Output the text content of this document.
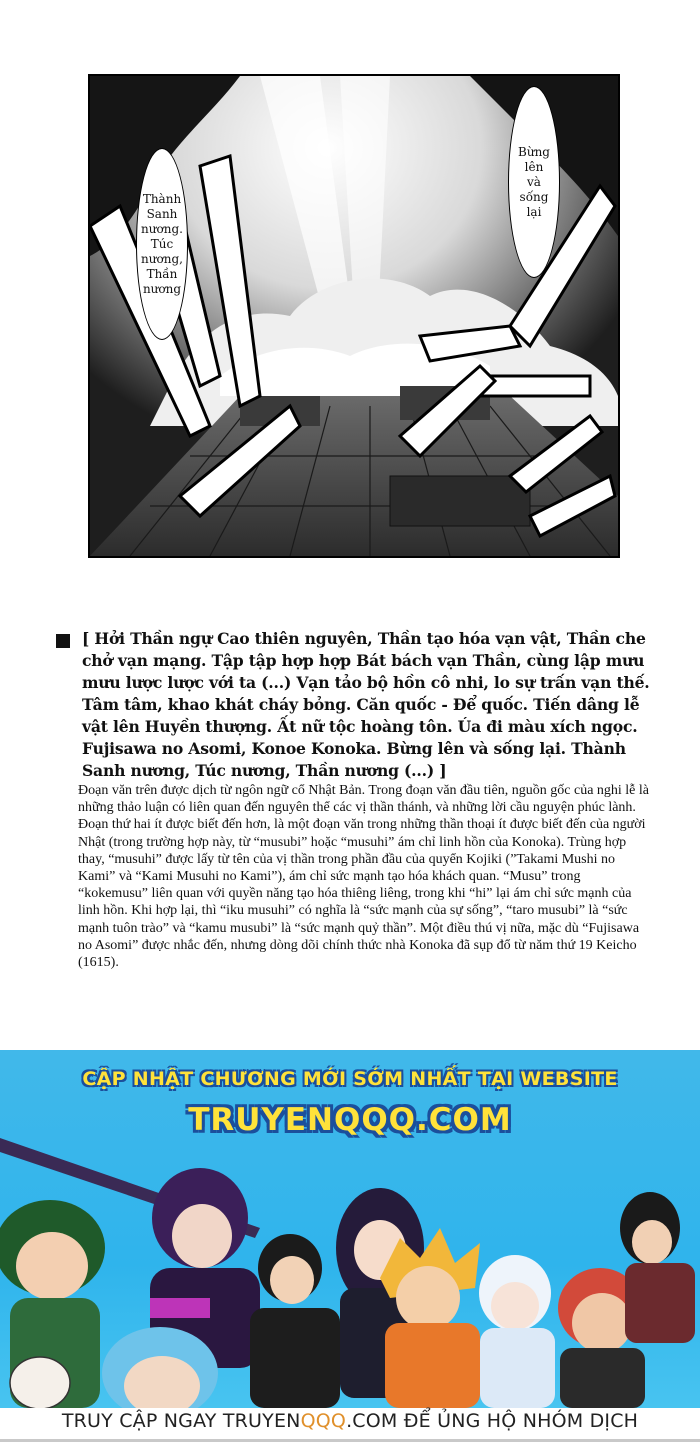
Thành
Sanh
nương.
Túc
nương,
Thần
nương
Bừng
lên
và
sống
lại

[ Hởi Thần ngự Cao thiên nguyên, Thần tạo hóa vạn vật, Thần che chở vạn mạng. Tập tập hợp hợp Bát bách vạn Thần, cùng lập mưu mưu lược lược với ta (...) Vạn tảo bộ hồn cô nhi, lo sự trấn vạn thế. Tâm tâm, khao khát cháy bỏng. Căn quốc - Để quốc. Tiến dâng lễ vật lên Huyền thượng. Ất nữ tộc hoàng tôn. Úa đi màu xích ngọc. Fujisawa no Asomi, Konoe Konoka. Bừng lên và sống lại. Thành Sanh nương, Túc nương, Thần nương (...) ]

Đoạn văn trên được dịch từ ngôn ngữ cổ Nhật Bản. Trong đoạn văn đầu tiên, nguồn gốc của nghi lễ là những thảo luận có liên quan đến nguyên thể các vị thần thánh, và những lời cầu nguyện phúc lành. Đoạn thứ hai ít được biết đến hơn, là một đoạn văn trong những thần thoại ít được biết đến của người Nhật (trong trường hợp này, từ “musubi” hoặc “musuhi” ám chỉ linh hồn của Konoka). Trùng hợp thay, “musuhi” được lấy từ tên của vị thần trong phần đầu của quyển Kojiki (”Takami Mushi no Kami” và “Kami Musuhi no Kami”), ám chỉ sức mạnh tạo hóa khách quan. “Musu” trong “kokemusu” liên quan với quyền năng tạo hóa thiêng liêng, trong khi “hi” lại ám chỉ sức mạnh của linh hồn. Khi hợp lại, thì “iku musuhi” có nghĩa là “sức mạnh của sự sống”, “taro musubi” là “sức mạnh tuôn trào” và “kamu musubi” là “sức mạnh quỷ thần”. Một điều thú vị nữa, mặc dù “Fujisawa no Asomi” được nhắc đến, nhưng dòng dõi chính thức nhà Konoka đã sụp đổ từ năm thứ 19 Keicho (1615).

CẬP NHẬT CHƯƠNG MỚI SỚM NHẤT TẠI WEBSITE
TRUYENQQQ.COM
TRUY CẬP NGAY TRUYENQQQ.COM ĐỂ ỦNG HỘ NHÓM DỊCH
